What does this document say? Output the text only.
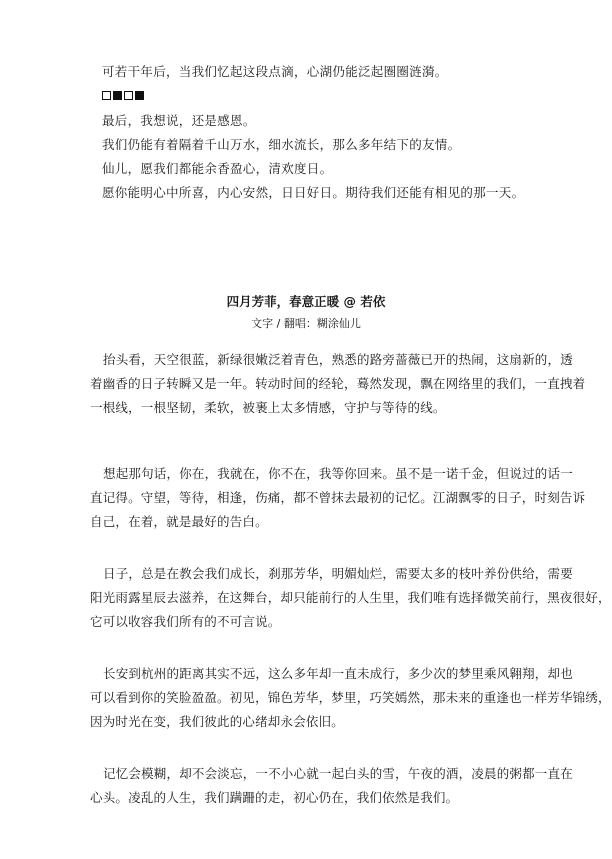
可若干年后，当我们忆起这段点滴，心湖仍能泛起圈圈涟漪。
最后，我想说，还是感恩。
我们仍能有着隔着千山万水，细水流长，那么多年结下的友情。
仙儿，愿我们都能余香盈心，清欢度日。
愿你能明心中所喜，内心安然，日日好日。期待我们还能有相见的那一天。
四月芳菲，春意正暖 @ 若依
文字 / 翻唱：糊涂仙儿
抬头看，天空很蓝，新绿很嫩泛着青色，熟悉的路旁蔷薇已开的热闹，这扇新的，透
着幽香的日子转瞬又是一年。转动时间的经轮，蓦然发现，飘在网络里的我们，一直拽着
一根线，一根坚韧，柔软，被裹上太多情感，守护与等待的线。
想起那句话，你在，我就在，你不在，我等你回来。虽不是一诺千金，但说过的话一
直记得。守望，等待，相逢，伤痛，都不曾抹去最初的记忆。江湖飘零的日子，时刻告诉
自己，在着，就是最好的告白。
日子，总是在教会我们成长，刹那芳华，明媚灿烂，需要太多的枝叶养份供给，需要
阳光雨露星辰去滋养，在这舞台，却只能前行的人生里，我们唯有选择微笑前行，黑夜很好，
它可以收容我们所有的不可言说。
长安到杭州的距离其实不远，这么多年却一直未成行，多少次的梦里乘风翱翔，却也
可以看到你的笑脸盈盈。初见，锦色芳华，梦里，巧笑嫣然，那未来的重逢也一样芳华锦绣，
因为时光在变，我们彼此的心绪却永会依旧。
记忆会模糊，却不会淡忘，一不小心就一起白头的雪，午夜的酒，凌晨的粥都一直在
心头。凌乱的人生，我们蹒跚的走，初心仍在，我们依然是我们。
